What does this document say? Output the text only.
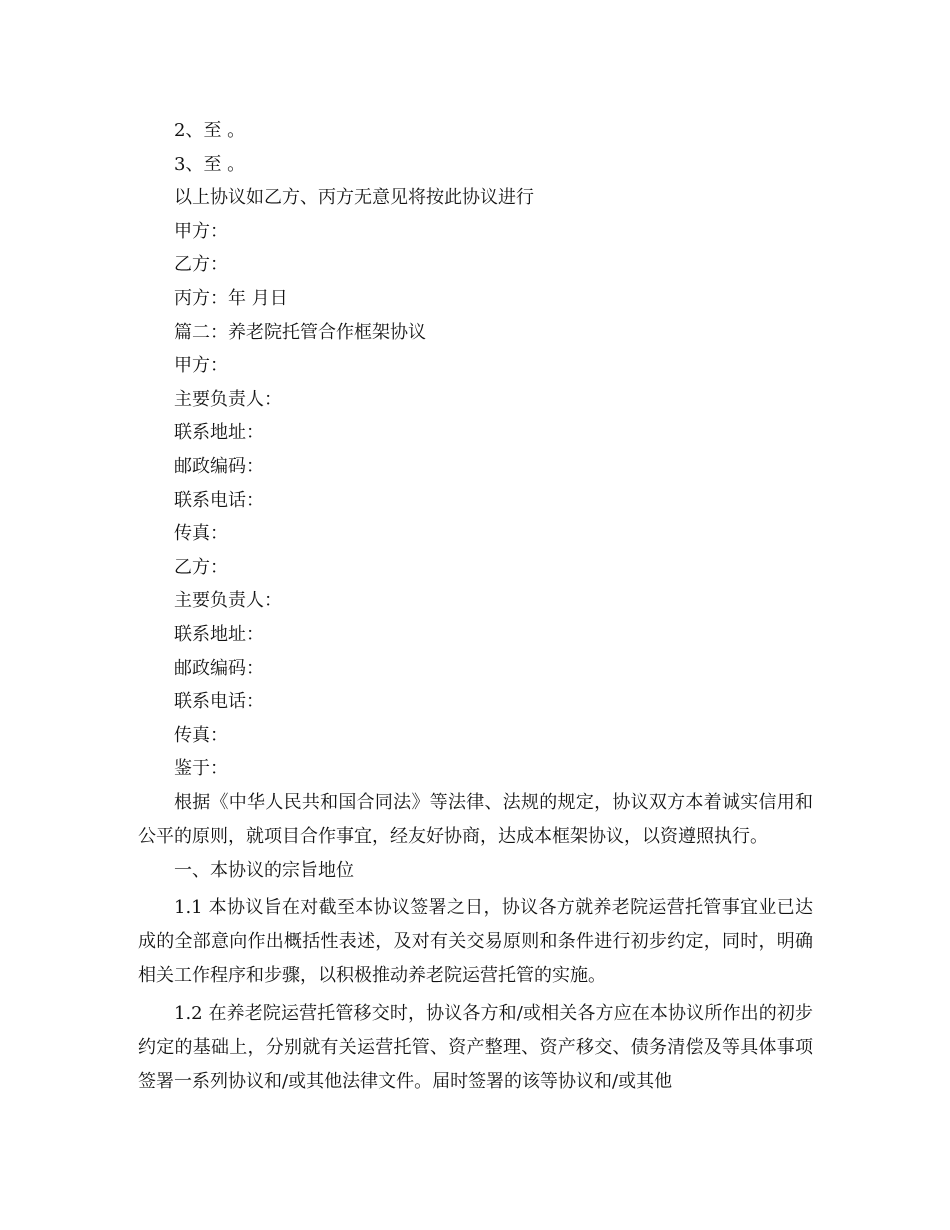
2、至 。
3、至 。
以上协议如乙方、丙方无意见将按此协议进行
甲方：
乙方：
丙方：年 月日
篇二：养老院托管合作框架协议
甲方：
主要负责人：
联系地址：
邮政编码：
联系电话：
传真：
乙方：
主要负责人：
联系地址：
邮政编码：
联系电话：
传真：
鉴于：

根据《中华人民共和国合同法》等法律、法规的规定，协议双方本着诚实信用和公平的原则，就项目合作事宜，经友好协商，达成本框架协议，以资遵照执行。

一、本协议的宗旨地位

1.1 本协议旨在对截至本协议签署之日，协议各方就养老院运营托管事宜业已达成的全部意向作出概括性表述，及对有关交易原则和条件进行初步约定，同时，明确相关工作程序和步骤，以积极推动养老院运营托管的实施。

1.2 在养老院运营托管移交时，协议各方和/或相关各方应在本协议所作出的初步约定的基础上，分别就有关运营托管、资产整理、资产移交、债务清偿及等具体事项签署一系列协议和/或其他法律文件。届时签署的该等协议和/或其他
